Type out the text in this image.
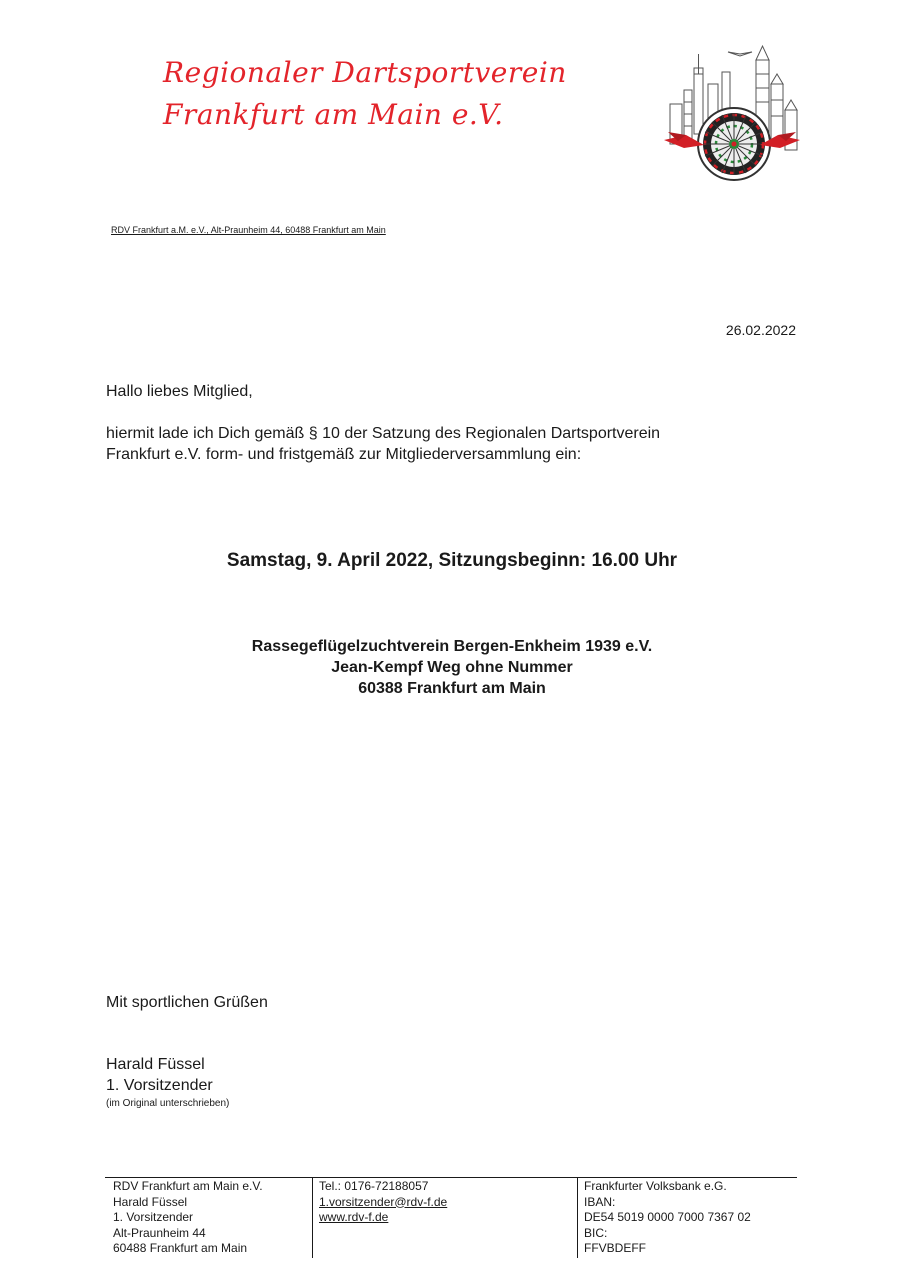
Regionaler Dartsportverein
Frankfurt am Main e.V.
RDV Frankfurt a.M. e.V., Alt-Praunheim 44, 60488 Frankfurt am Main
26.02.2022
Hallo liebes Mitglied,
hiermit lade ich Dich gemäß § 10 der Satzung des Regionalen Dartsportverein
Frankfurt e.V. form- und fristgemäß zur Mitgliederversammlung ein:
Samstag, 9. April 2022, Sitzungsbeginn: 16.00 Uhr
Rassegeflügelzuchtverein Bergen-Enkheim 1939 e.V.
Jean-Kempf Weg ohne Nummer
60388 Frankfurt am Main
Mit sportlichen Grüßen
Harald Füssel
1. Vorsitzender
(im Original unterschrieben)
RDV Frankfurt am Main e.V.
Harald Füssel
1. Vorsitzender
Alt-Praunheim 44
60488 Frankfurt am Main
Tel.: 0176-72188057
1.vorsitzender@rdv-f.de
www.rdv-f.de
Frankfurter Volksbank e.G.
IBAN:
DE54 5019 0000 7000 7367 02
BIC:
FFVBDEFF
